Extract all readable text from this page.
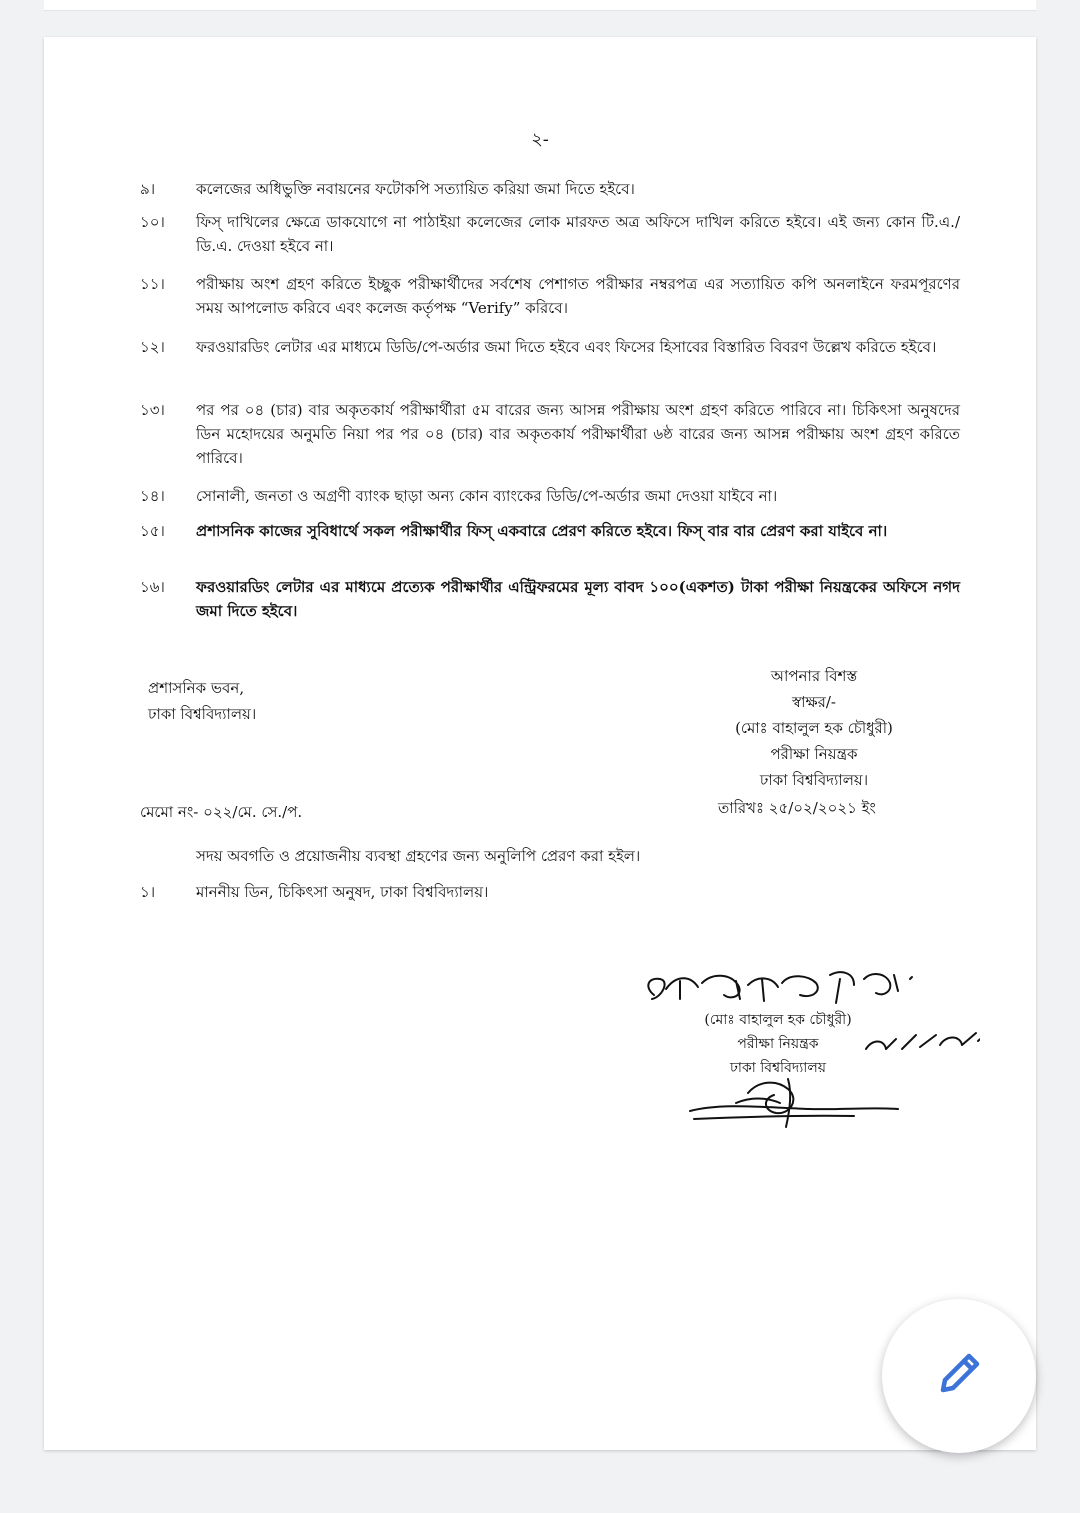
২-
৯।	কলেজের অধিভুক্তি নবায়নের ফটোকপি সত্যায়িত করিয়া জমা দিতে হইবে।
১০।	ফিস্ দাখিলের ক্ষেত্রে ডাকযোগে না পাঠাইয়া কলেজের লোক মারফত অত্র অফিসে দাখিল করিতে হইবে। এই জন্য কোন টি.এ./ডি.এ. দেওয়া হইবে না।
১১।	পরীক্ষায় অংশ গ্রহণ করিতে ইচ্ছুক পরীক্ষার্থীদের সর্বশেষ পেশাগত পরীক্ষার নম্বরপত্র এর সত্যায়িত কপি অনলাইনে ফরমপূরণের সময় আপলোড করিবে এবং কলেজ কর্তৃপক্ষ “Verify” করিবে।
১২।	ফরওয়ারডিং লেটার এর মাধ্যমে ডিডি/পে-অর্ডার জমা দিতে হইবে এবং ফিসের হিসাবের বিস্তারিত বিবরণ উল্লেখ করিতে হইবে।
১৩।	পর পর ০৪ (চার) বার অকৃতকার্য পরীক্ষার্থীরা ৫ম বারের জন্য আসন্ন পরীক্ষায় অংশ গ্রহণ করিতে পারিবে না। চিকিৎসা অনুষদের ডিন মহোদয়ের অনুমতি নিয়া পর পর ০৪ (চার) বার অকৃতকার্য পরীক্ষার্থীরা ৬ষ্ঠ বারের জন্য আসন্ন পরীক্ষায় অংশ গ্রহণ করিতে পারিবে।
১৪।	সোনালী, জনতা ও অগ্রণী ব্যাংক ছাড়া অন্য কোন ব্যাংকের ডিডি/পে-অর্ডার জমা দেওয়া যাইবে না।
১৫।	প্রশাসনিক কাজের সুবিধার্থে সকল পরীক্ষার্থীর ফিস্ একবারে প্রেরণ করিতে হইবে। ফিস্ বার বার প্রেরণ করা যাইবে না।
১৬।	ফরওয়ারডিং লেটার এর মাধ্যমে প্রত্যেক পরীক্ষার্থীর এন্ট্রিফরমের মূল্য বাবদ ১০০(একশত) টাকা পরীক্ষা নিয়ন্ত্রকের অফিসে নগদ জমা দিতে হইবে।
প্রশাসনিক ভবন,
ঢাকা বিশ্ববিদ্যালয়।
আপনার বিশস্ত
স্বাক্ষর/-
(মোঃ বাহালুল হক চৌধুরী)
পরীক্ষা নিয়ন্ত্রক
ঢাকা বিশ্ববিদ্যালয়।
মেমো নং- ০২২/মে. সে./প.	তারিখঃ ২৫/০২/২০২১ ইং
সদয় অবগতি ও প্রয়োজনীয় ব্যবস্থা গ্রহণের জন্য অনুলিপি প্রেরণ করা হইল।
১।	মাননীয় ডিন, চিকিৎসা অনুষদ, ঢাকা বিশ্ববিদ্যালয়।
(মোঃ বাহালুল হক চৌধুরী)
পরীক্ষা নিয়ন্ত্রক
ঢাকা বিশ্ববিদ্যালয়
